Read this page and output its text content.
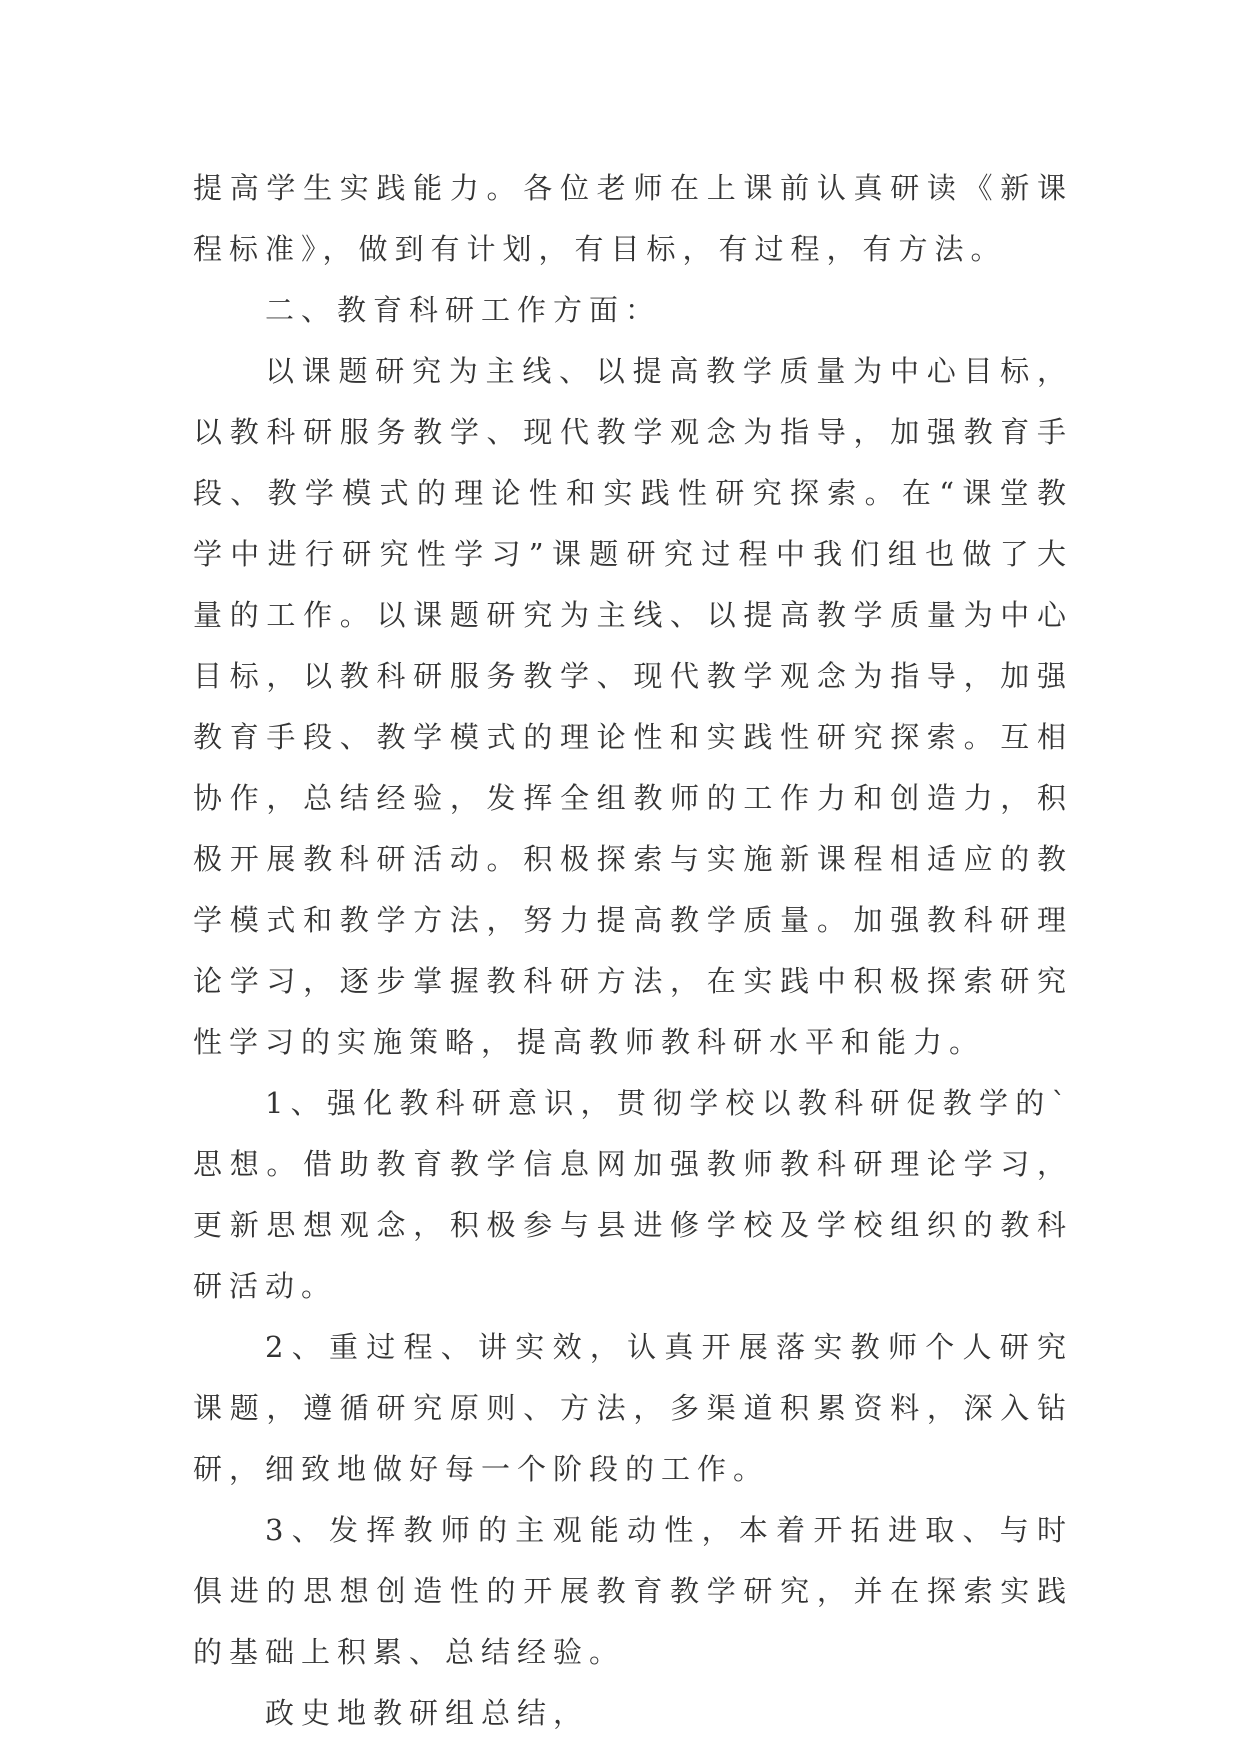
提高学生实践能力。各位老师在上课前认真研读《新课程标准》，做到有计划，有目标，有过程，有方法。

二、教育科研工作方面：

以课题研究为主线、以提高教学质量为中心目标，以教科研服务教学、现代教学观念为指导，加强教育手段、教学模式的理论性和实践性研究探索。在“课堂教学中进行研究性学习”课题研究过程中我们组也做了大量的工作。以课题研究为主线、以提高教学质量为中心目标，以教科研服务教学、现代教学观念为指导，加强教育手段、教学模式的理论性和实践性研究探索。互相协作，总结经验，发挥全组教师的工作力和创造力，积极开展教科研活动。积极探索与实施新课程相适应的教学模式和教学方法，努力提高教学质量。加强教科研理论学习，逐步掌握教科研方法，在实践中积极探索研究性学习的实施策略，提高教师教科研水平和能力。

1、强化教科研意识，贯彻学校以教科研促教学的`思想。借助教育教学信息网加强教师教科研理论学习，更新思想观念，积极参与县进修学校及学校组织的教科研活动。

2、重过程、讲实效，认真开展落实教师个人研究课题，遵循研究原则、方法，多渠道积累资料，深入钻研，细致地做好每一个阶段的工作。

3、发挥教师的主观能动性，本着开拓进取、与时俱进的思想创造性的开展教育教学研究，并在探索实践的基础上积累、总结经验。

政史地教研组总结，
